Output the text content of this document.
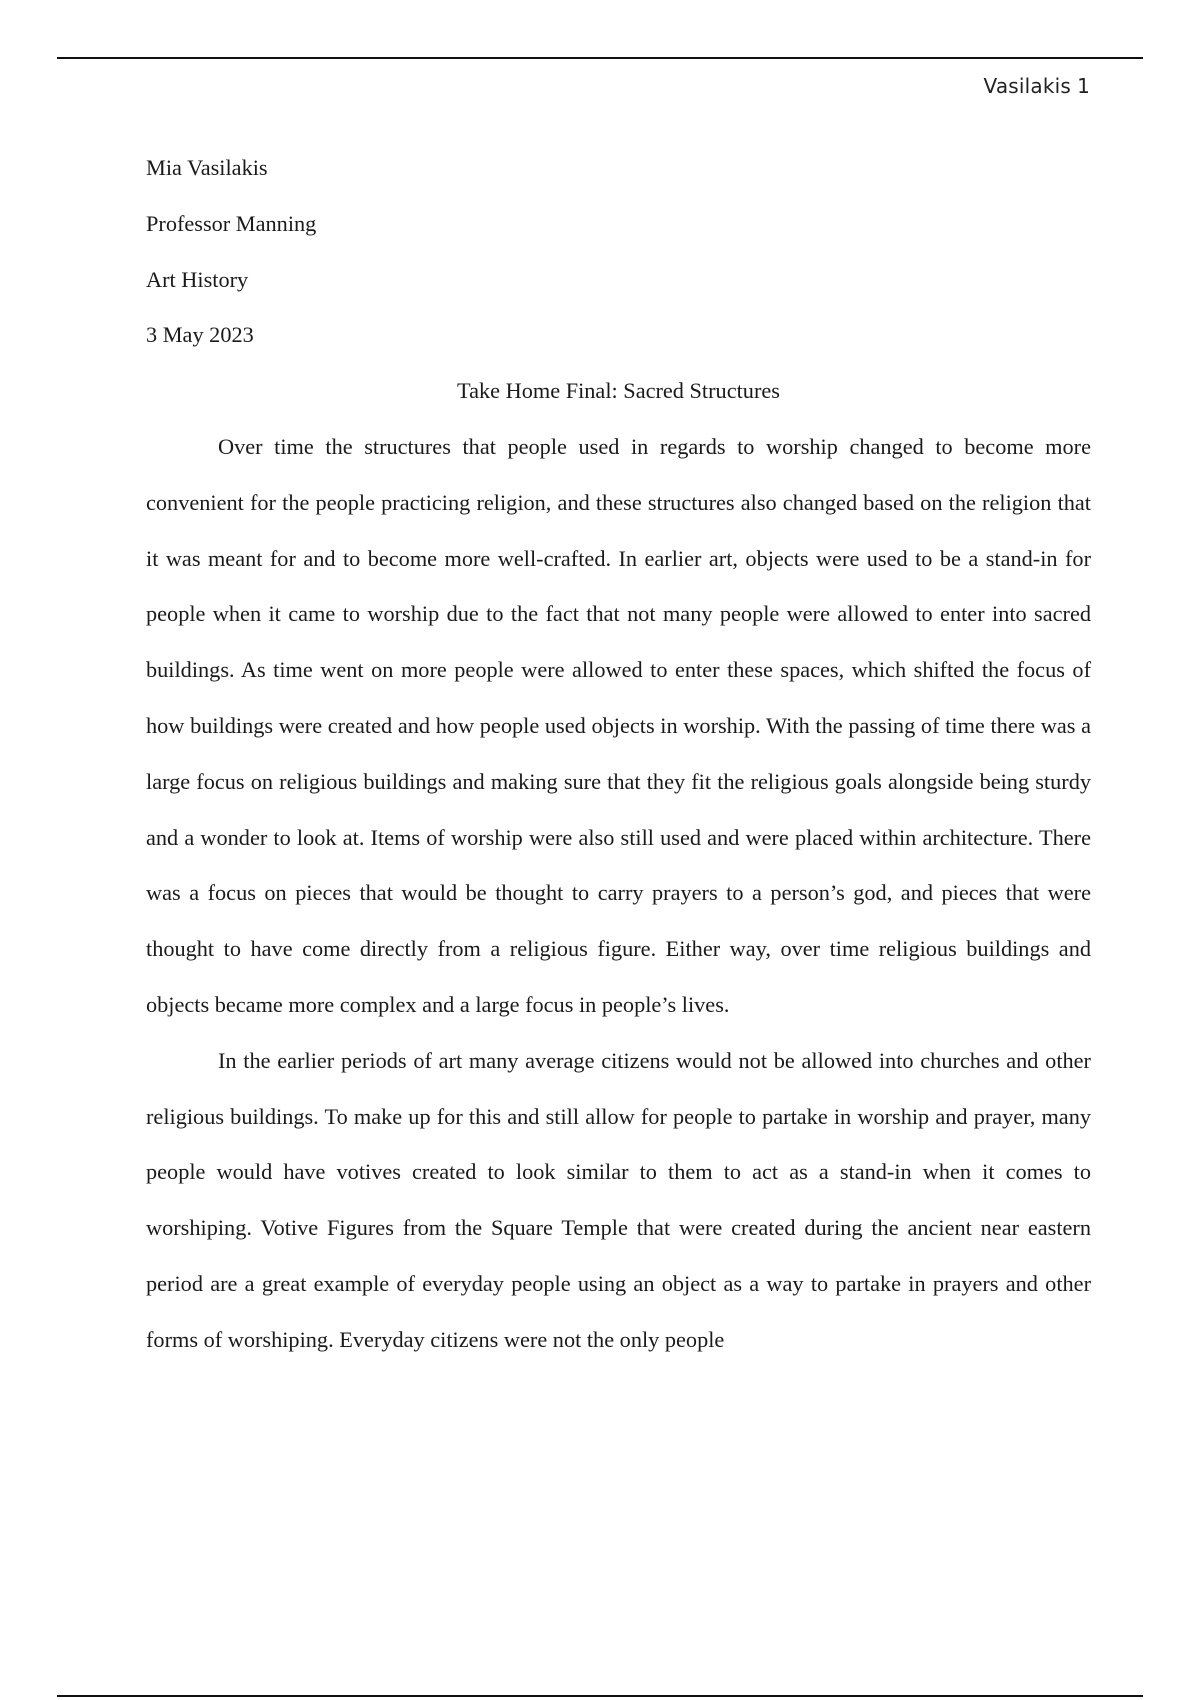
Vasilakis 1

Mia Vasilakis

Professor Manning

Art History

3 May 2023

Take Home Final: Sacred Structures

Over time the structures that people used in regards to worship changed to become more convenient for the people practicing religion, and these structures also changed based on the religion that it was meant for and to become more well-crafted. In earlier art, objects were used to be a stand-in for people when it came to worship due to the fact that not many people were allowed to enter into sacred buildings. As time went on more people were allowed to enter these spaces, which shifted the focus of how buildings were created and how people used objects in worship. With the passing of time there was a large focus on religious buildings and making sure that they fit the religious goals alongside being sturdy and a wonder to look at. Items of worship were also still used and were placed within architecture. There was a focus on pieces that would be thought to carry prayers to a person’s god, and pieces that were thought to have come directly from a religious figure. Either way, over time religious buildings and objects became more complex and a large focus in people’s lives.

In the earlier periods of art many average citizens would not be allowed into churches and other religious buildings. To make up for this and still allow for people to partake in worship and prayer, many people would have votives created to look similar to them to act as a stand-in when it comes to worshiping. Votive Figures from the Square Temple that were created during the ancient near eastern period are a great example of everyday people using an object as a way to partake in prayers and other forms of worshiping. Everyday citizens were not the only people
